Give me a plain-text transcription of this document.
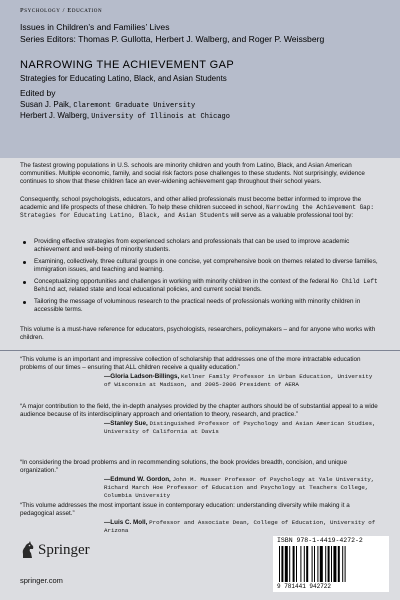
Psychology / Education
Issues in Children’s and Families’ Lives
Series Editors: Thomas P. Gullotta, Herbert J. Walberg, and Roger P. Weissberg
NARROWING THE ACHIEVEMENT GAP
Strategies for Educating Latino, Black, and Asian Students
Edited by
Susan J. Paik, Claremont Graduate University
Herbert J. Walberg, University of Illinois at Chicago

The fastest growing populations in U.S. schools are minority children and youth from Latino, Black, and Asian American communities. Multiple economic, family, and social risk factors pose challenges to these students. Not surprisingly, evidence continues to show that these children face an ever-widening achievement gap throughout their school years.

Consequently, school psychologists, educators, and other allied professionals must become better informed to improve the academic and life prospects of these children. To help these children succeed in school, Narrowing the Achievement Gap: Strategies for Educating Latino, Black, and Asian Students will serve as a valuable professional tool by:

Providing effective strategies from experienced scholars and professionals that can be used to improve academic achievement and well-being of minority students.
Examining, collectively, three cultural groups in one concise, yet comprehensive book on themes related to diverse families, immigration issues, and teaching and learning.
Conceptualizing opportunities and challenges in working with minority children in the context of the federal No Child Left Behind act, related state and local educational policies, and current social trends.
Tailoring the message of voluminous research to the practical needs of professionals working with minority children in accessible terms.

This volume is a must-have reference for educators, psychologists, researchers, policymakers – and for anyone who works with children.

“This volume is an important and impressive collection of scholarship that addresses one of the more intractable education problems of our times – ensuring that ALL children receive a quality education.”

—Gloria Ladson-Billings, Kellner Family Professor in Urban Education, University of Wisconsin at Madison, and 2005-2006 President of AERA

“A major contribution to the field, the in-depth analyses provided by the chapter authors should be of substantial appeal to a wide audience because of its interdisciplinary approach and orientation to theory, research, and practice.”

—Stanley Sue, Distinguished Professor of Psychology and Asian American Studies, University of California at Davis

“In considering the broad problems and in recommending solutions, the book provides breadth, concision, and unique organization.”

—Edmund W. Gordon, John M. Musser Professor of Psychology at Yale University, Richard March Hoe Professor of Education and Psychology at Teachers College, Columbia University

“This volume addresses the most important issue in contemporary education: understanding diversity while making it a pedagogical asset.”

—Luis C. Moll, Professor and Associate Dean, College of Education, University of Arizona

Springer
springer.com
ISBN 978-1-4419-4272-2
9 781441 942722
